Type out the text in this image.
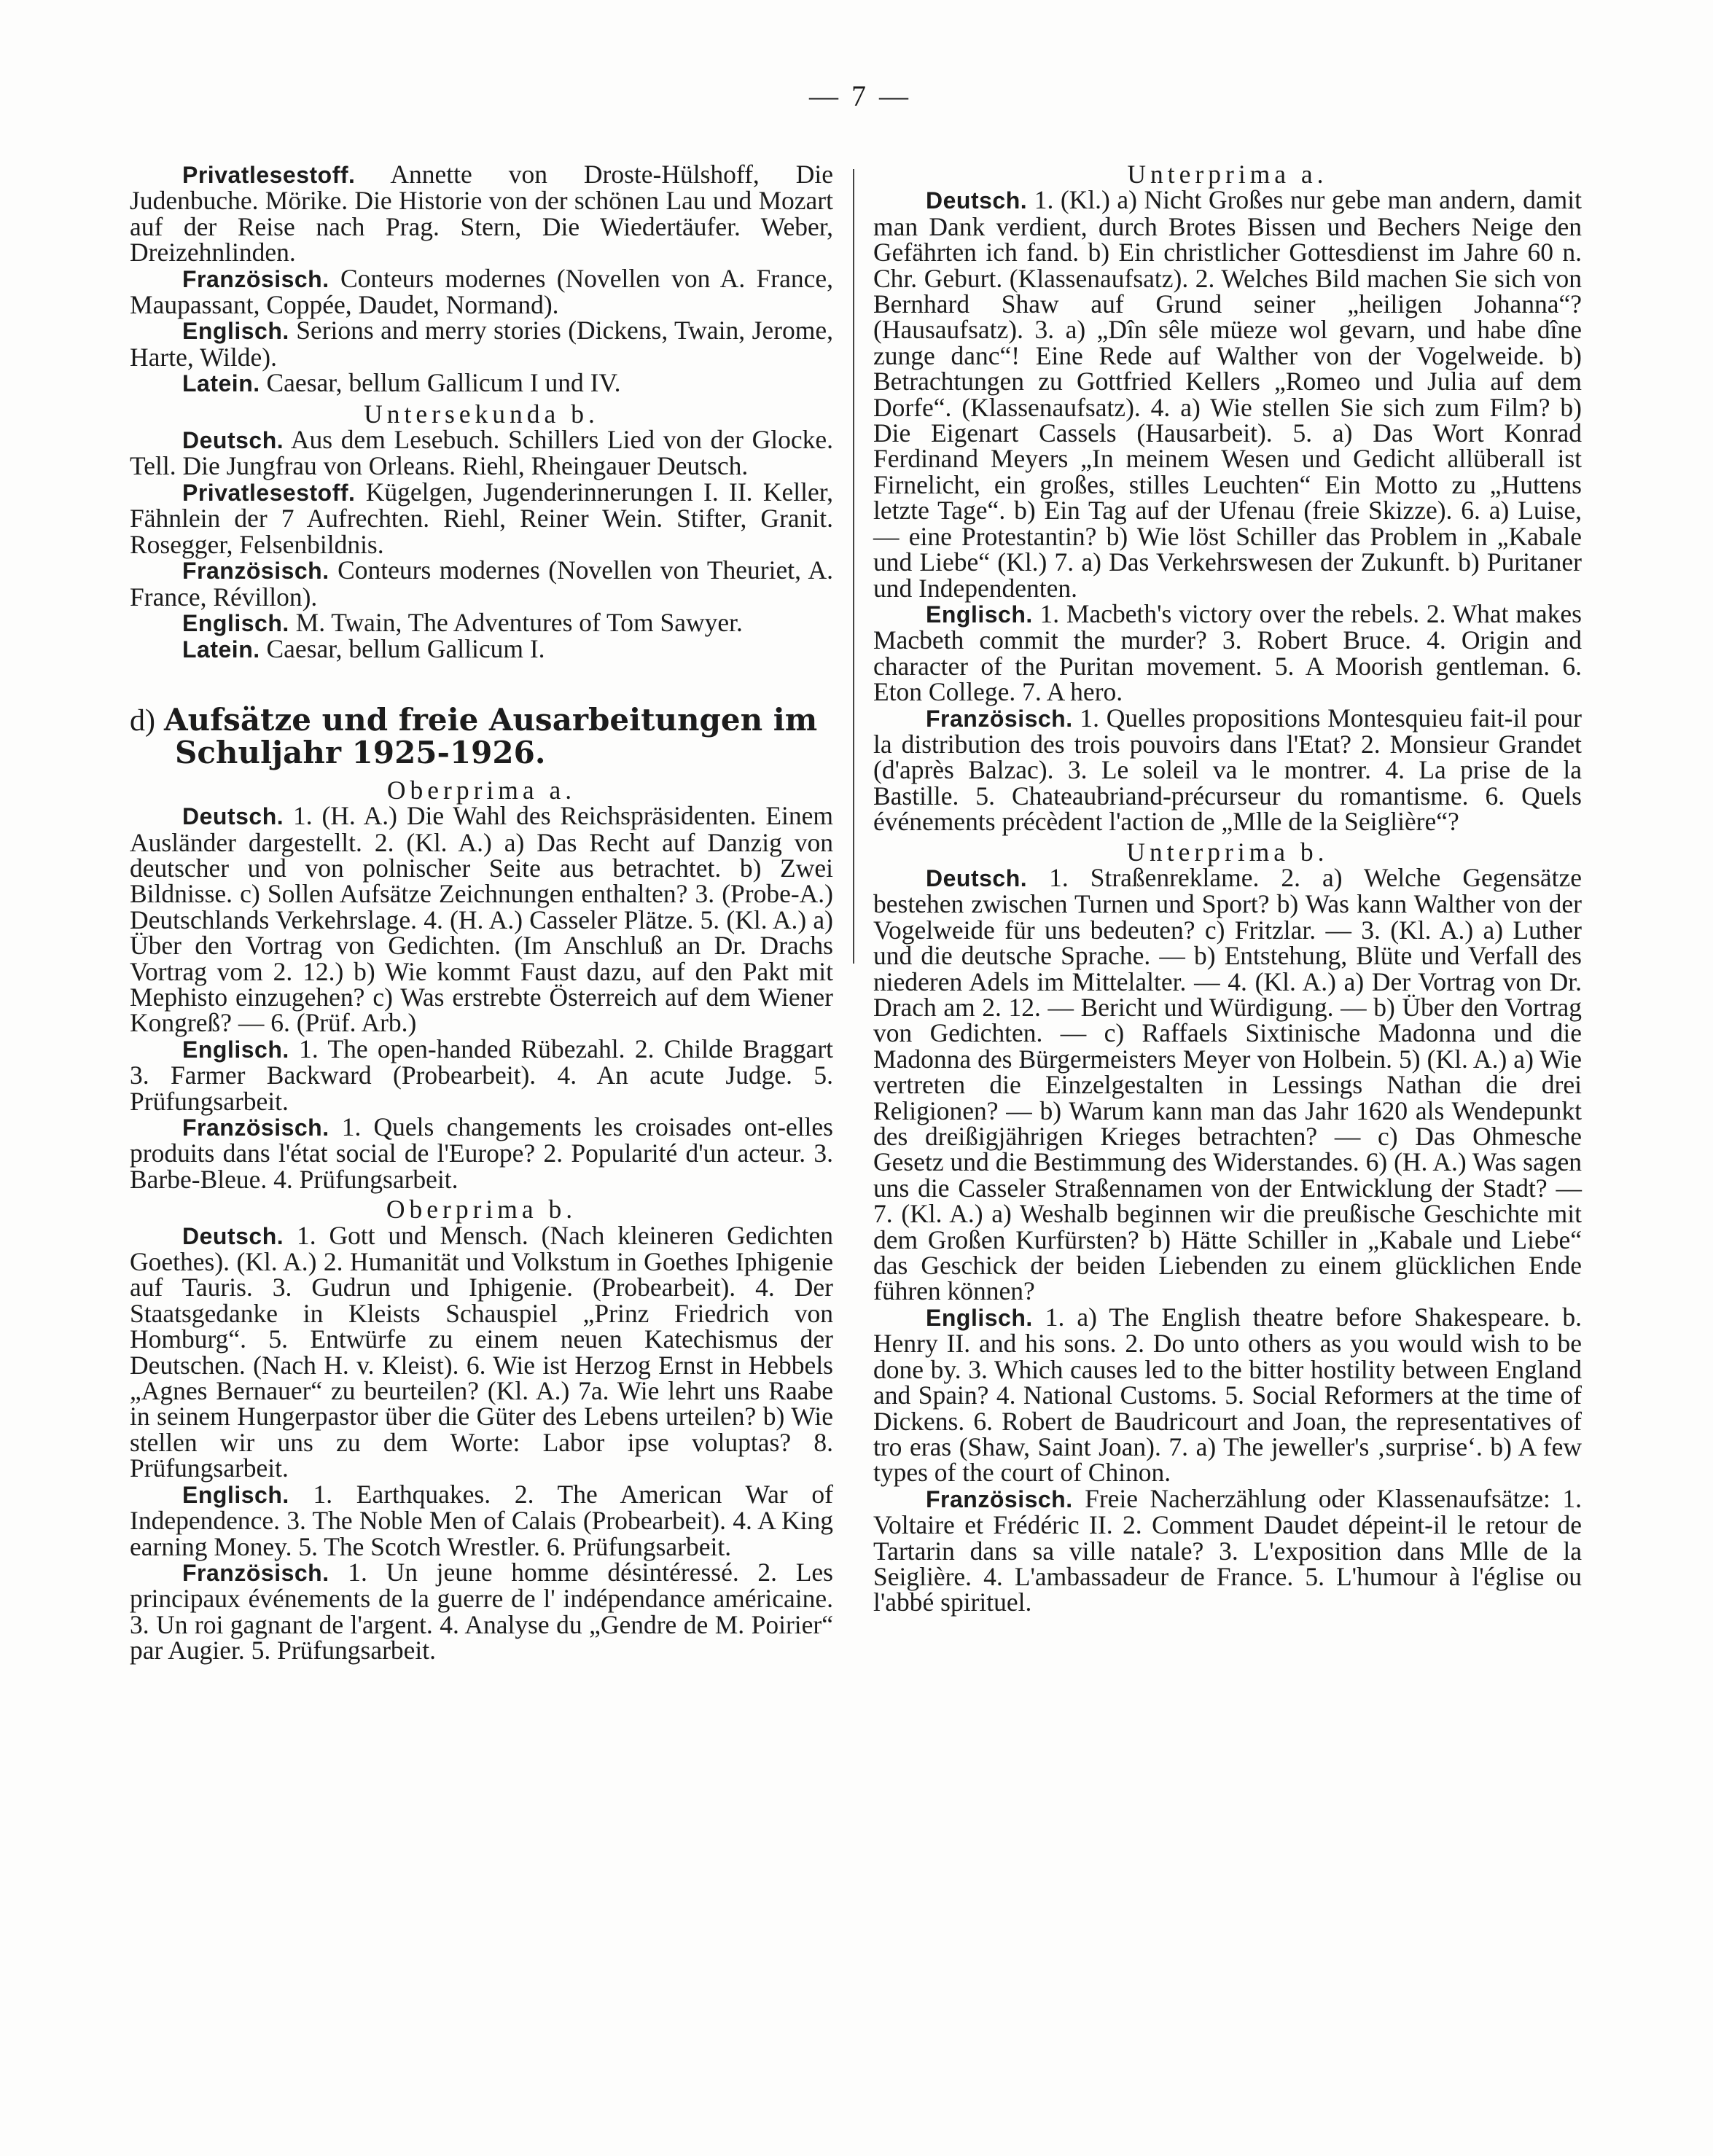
— 7 —

Privatlesestoff. Annette von Droste-Hülshoff, Die Judenbuche. Mörike. Die Historie von der schönen Lau und Mozart auf der Reise nach Prag. Stern, Die Wiedertäufer. Weber, Dreizehnlinden.

Französisch. Conteurs modernes (Novellen von A. France, Maupassant, Coppée, Daudet, Normand).

Englisch. Serions and merry stories (Dickens, Twain, Jerome, Harte, Wilde).

Latein. Caesar, bellum Gallicum I und IV.

Untersekunda b.

Deutsch. Aus dem Lesebuch. Schillers Lied von der Glocke. Tell. Die Jungfrau von Orleans. Riehl, Rheingauer Deutsch.

Privatlesestoff. Kügelgen, Jugenderinnerungen I. II. Keller, Fähnlein der 7 Aufrechten. Riehl, Reiner Wein. Stifter, Granit. Rosegger, Felsenbildnis.

Französisch. Conteurs modernes (Novellen von Theuriet, A. France, Révillon).

Englisch. M. Twain, The Adventures of Tom Sawyer.

Latein. Caesar, bellum Gallicum I.

d) Aufsätze und freie Ausarbeitungen im
Schuljahr 1925-1926.

Oberprima a.

Deutsch. 1. (H. A.) Die Wahl des Reichspräsidenten. Einem Ausländer dargestellt. 2. (Kl. A.) a) Das Recht auf Danzig von deutscher und von polnischer Seite aus betrachtet. b) Zwei Bildnisse. c) Sollen Aufsätze Zeichnungen enthalten? 3. (Probe-A.) Deutschlands Verkehrslage. 4. (H. A.) Casseler Plätze. 5. (Kl. A.) a) Über den Vortrag von Gedichten. (Im Anschluß an Dr. Drachs Vortrag vom 2. 12.) b) Wie kommt Faust dazu, auf den Pakt mit Mephisto einzugehen? c) Was erstrebte Österreich auf dem Wiener Kongreß? — 6. (Prüf. Arb.)

Englisch. 1. The open-handed Rübezahl. 2. Childe Braggart 3. Farmer Backward (Probearbeit). 4. An acute Judge. 5. Prüfungsarbeit.

Französisch. 1. Quels changements les croisades ont-elles produits dans l'état social de l'Europe? 2. Popularité d'un acteur. 3. Barbe-Bleue. 4. Prüfungsarbeit.

Oberprima b.

Deutsch. 1. Gott und Mensch. (Nach kleineren Gedichten Goethes). (Kl. A.) 2. Humanität und Volkstum in Goethes Iphigenie auf Tauris. 3. Gudrun und Iphigenie. (Probearbeit). 4. Der Staatsgedanke in Kleists Schauspiel „Prinz Friedrich von Homburg“. 5. Entwürfe zu einem neuen Katechismus der Deutschen. (Nach H. v. Kleist). 6. Wie ist Herzog Ernst in Hebbels „Agnes Bernauer“ zu beurteilen? (Kl. A.) 7a. Wie lehrt uns Raabe in seinem Hungerpastor über die Güter des Lebens urteilen? b) Wie stellen wir uns zu dem Worte: Labor ipse voluptas? 8. Prüfungsarbeit.

Englisch. 1. Earthquakes. 2. The American War of Independence. 3. The Noble Men of Calais (Probearbeit). 4. A King earning Money. 5. The Scotch Wrestler. 6. Prüfungsarbeit.

Französisch. 1. Un jeune homme désintéressé. 2. Les principaux événements de la guerre de l' indépendance américaine. 3. Un roi gagnant de l'argent. 4. Analyse du „Gendre de M. Poirier“ par Augier. 5. Prüfungsarbeit.

Unterprima a.

Deutsch. 1. (Kl.) a) Nicht Großes nur gebe man andern, damit man Dank verdient, durch Brotes Bissen und Bechers Neige den Gefährten ich fand. b) Ein christlicher Gottesdienst im Jahre 60 n. Chr. Geburt. (Klassenaufsatz). 2. Welches Bild machen Sie sich von Bernhard Shaw auf Grund seiner „heiligen Johanna“? (Hausaufsatz). 3. a) „Dîn sêle müeze wol gevarn, und habe dîne zunge danc“! Eine Rede auf Walther von der Vogelweide. b) Betrachtungen zu Gottfried Kellers „Romeo und Julia auf dem Dorfe“. (Klassenaufsatz). 4. a) Wie stellen Sie sich zum Film? b) Die Eigenart Cassels (Hausarbeit). 5. a) Das Wort Konrad Ferdinand Meyers „In meinem Wesen und Gedicht allüberall ist Firnelicht, ein großes, stilles Leuchten“ Ein Motto zu „Huttens letzte Tage“. b) Ein Tag auf der Ufenau (freie Skizze). 6. a) Luise, — eine Protestantin? b) Wie löst Schiller das Problem in „Kabale und Liebe“ (Kl.) 7. a) Das Verkehrswesen der Zukunft. b) Puritaner und Independenten.

Englisch. 1. Macbeth's victory over the rebels. 2. What makes Macbeth commit the murder? 3. Robert Bruce. 4. Origin and character of the Puritan movement. 5. A Moorish gentleman. 6. Eton College. 7. A hero.

Französisch. 1. Quelles propositions Montesquieu fait-il pour la distribution des trois pouvoirs dans l'Etat? 2. Monsieur Grandet (d'après Balzac). 3. Le soleil va le montrer. 4. La prise de la Bastille. 5. Chateaubriand-précurseur du romantisme. 6. Quels événements précèdent l'action de „Mlle de la Seiglière“?

Unterprima b.

Deutsch. 1. Straßenreklame. 2. a) Welche Gegensätze bestehen zwischen Turnen und Sport? b) Was kann Walther von der Vogelweide für uns bedeuten? c) Fritzlar. — 3. (Kl. A.) a) Luther und die deutsche Sprache. — b) Entstehung, Blüte und Verfall des niederen Adels im Mittelalter. — 4. (Kl. A.) a) Der Vortrag von Dr. Drach am 2. 12. — Bericht und Würdigung. — b) Über den Vortrag von Gedichten. — c) Raffaels Sixtinische Madonna und die Madonna des Bürgermeisters Meyer von Holbein. 5) (Kl. A.) a) Wie vertreten die Einzelgestalten in Lessings Nathan die drei Religionen? — b) Warum kann man das Jahr 1620 als Wendepunkt des dreißigjährigen Krieges betrachten? — c) Das Ohmesche Gesetz und die Bestimmung des Widerstandes. 6) (H. A.) Was sagen uns die Casseler Straßennamen von der Entwicklung der Stadt? — 7. (Kl. A.) a) Weshalb beginnen wir die preußische Geschichte mit dem Großen Kurfürsten? b) Hätte Schiller in „Kabale und Liebe“ das Geschick der beiden Liebenden zu einem glücklichen Ende führen können?

Englisch. 1. a) The English theatre before Shakespeare. b. Henry II. and his sons. 2. Do unto others as you would wish to be done by. 3. Which causes led to the bitter hostility between England and Spain? 4. National Customs. 5. Social Reformers at the time of Dickens. 6. Robert de Baudricourt and Joan, the representatives of tro eras (Shaw, Saint Joan). 7. a) The jeweller's ‚surprise‘. b) A few types of the court of Chinon.

Französisch. Freie Nacherzählung oder Klassenaufsätze: 1. Voltaire et Frédéric II. 2. Comment Daudet dépeint-il le retour de Tartarin dans sa ville natale? 3. L'exposition dans Mlle de la Seiglière. 4. L'ambassadeur de France. 5. L'humour à l'église ou l'abbé spirituel.
